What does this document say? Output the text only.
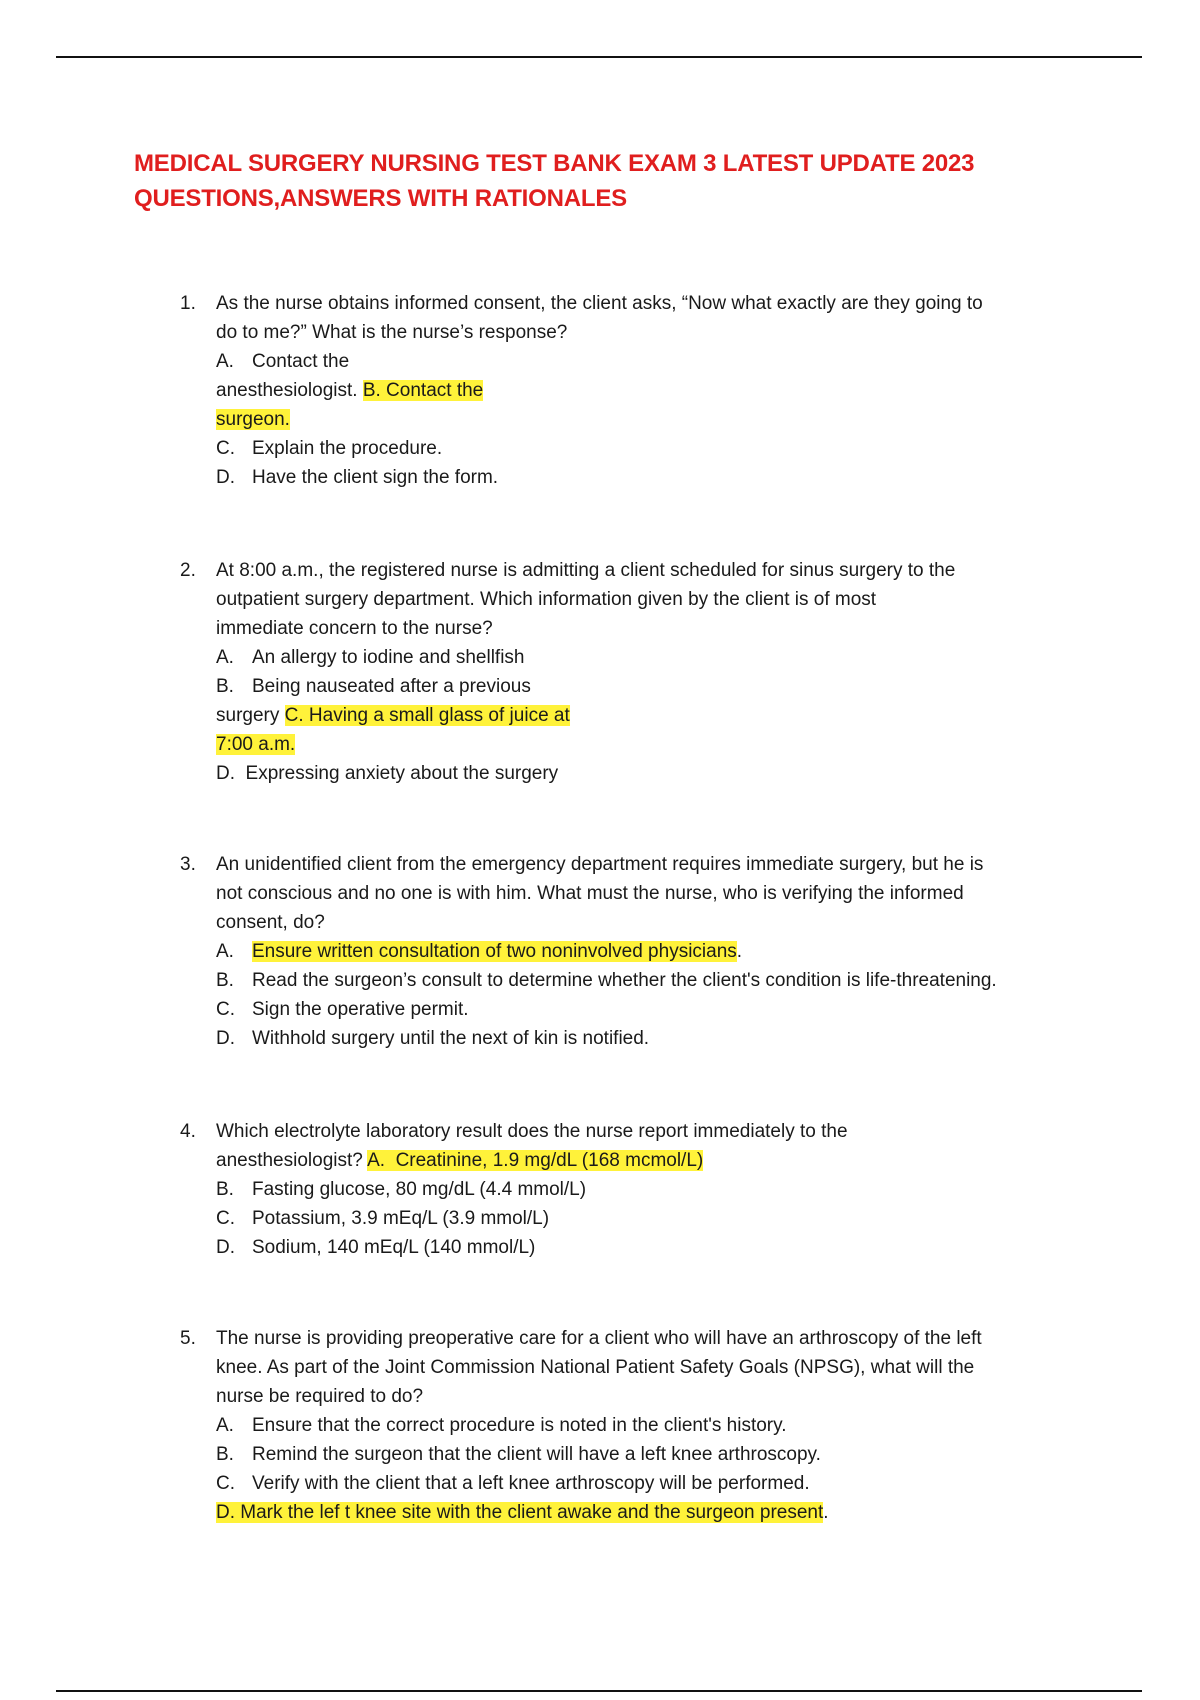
MEDICAL SURGERY NURSING TEST BANK EXAM 3 LATEST UPDATE 2023
QUESTIONS,ANSWERS WITH RATIONALES
1. As the nurse obtains informed consent, the client asks, “Now what exactly are they going to
do to me?” What is the nurse’s response?
A. Contact the
anesthesiologist. B. Contact the
surgeon.
C. Explain the procedure.
D. Have the client sign the form.
2. At 8:00 a.m., the registered nurse is admitting a client scheduled for sinus surgery to the
outpatient surgery department. Which information given by the client is of most
immediate concern to the nurse?
A. An allergy to iodine and shellfish
B. Being nauseated after a previous
surgery C. Having a small glass of juice at
7:00 a.m.
D.  Expressing anxiety about the surgery
3. An unidentified client from the emergency department requires immediate surgery, but he is
not conscious and no one is with him. What must the nurse, who is verifying the informed
consent, do?
A. Ensure written consultation of two noninvolved physicians.
B. Read the surgeon’s consult to determine whether the client's condition is life-threatening.
C. Sign the operative permit.
D. Withhold surgery until the next of kin is notified.
4. Which electrolyte laboratory result does the nurse report immediately to the
anesthesiologist? A.  Creatinine, 1.9 mg/dL (168 mcmol/L)
B. Fasting glucose, 80 mg/dL (4.4 mmol/L)
C. Potassium, 3.9 mEq/L (3.9 mmol/L)
D. Sodium, 140 mEq/L (140 mmol/L)
5. The nurse is providing preoperative care for a client who will have an arthroscopy of the left
knee. As part of the Joint Commission National Patient Safety Goals (NPSG), what will the
nurse be required to do?
A. Ensure that the correct procedure is noted in the client's history.
B. Remind the surgeon that the client will have a left knee arthroscopy.
C. Verify with the client that a left knee arthroscopy will be performed.
D. Mark the lef t knee site with the client awake and the surgeon present.
